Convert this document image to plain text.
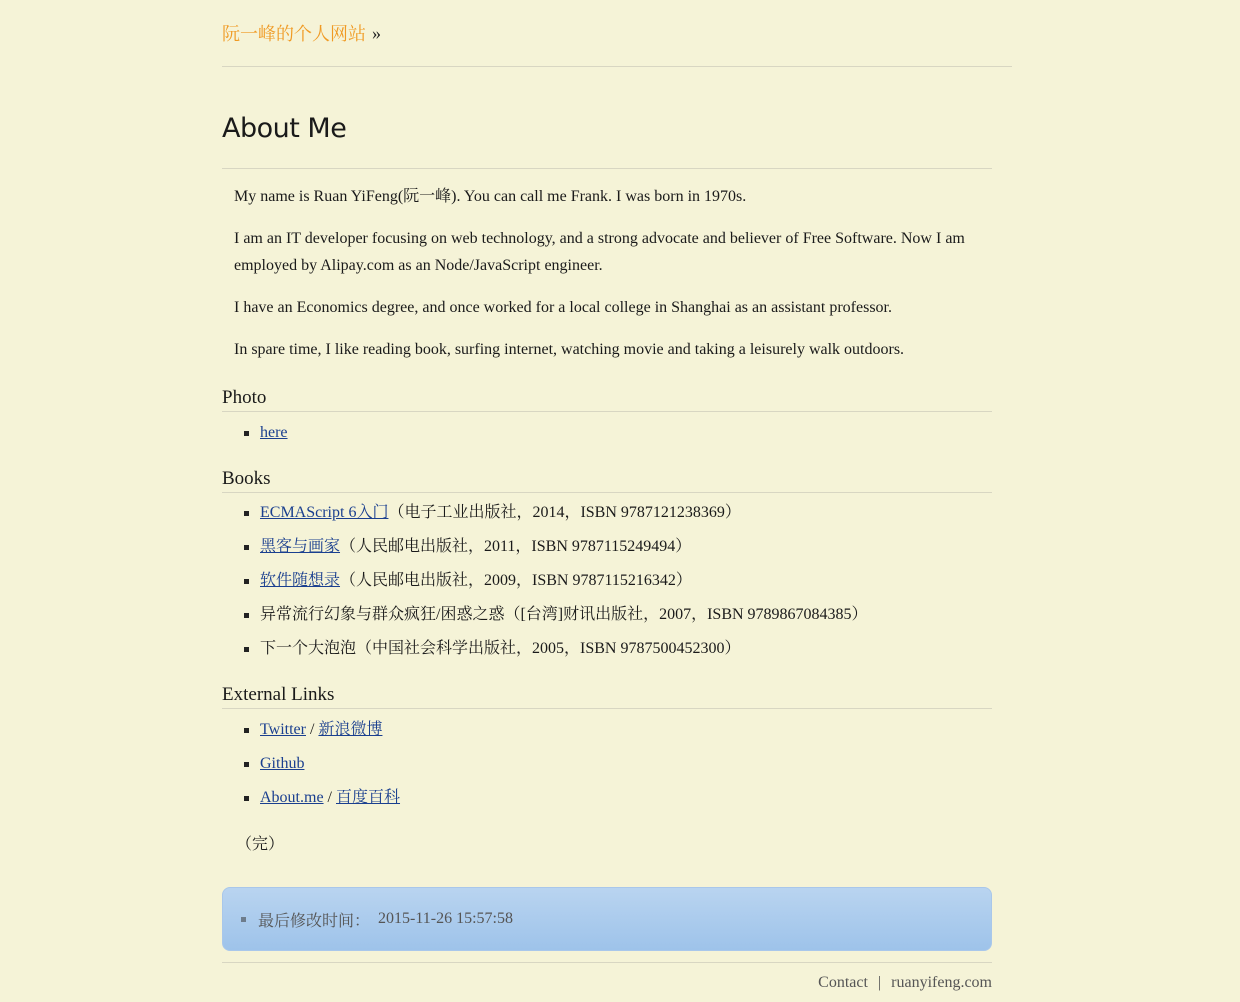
阮一峰的个人网站 »
About Me

My name is Ruan YiFeng(阮一峰). You can call me Frank. I was born in 1970s.

I am an IT developer focusing on web technology, and a strong advocate and believer of Free Software. Now I am employed by Alipay.com as an Node/JavaScript engineer.

I have an Economics degree, and once worked for a local college in Shanghai as an assistant professor.

In spare time, I like reading book, surfing internet, watching movie and taking a leisurely walk outdoors.

Photo
here
Books
ECMAScript 6入门（电子工业出版社，2014，ISBN 9787121238369）
黑客与画家（人民邮电出版社，2011，ISBN 9787115249494）
软件随想录（人民邮电出版社，2009，ISBN 9787115216342）
异常流行幻象与群众疯狂/困惑之惑（[台湾]财讯出版社，2007，ISBN 9789867084385）
下一个大泡泡（中国社会科学出版社，2005，ISBN 9787500452300）
External Links
Twitter / 新浪微博
Github
About.me / 百度百科
（完）
最后修改时间： 2015-11-26 15:57:58
Contact | ruanyifeng.com
